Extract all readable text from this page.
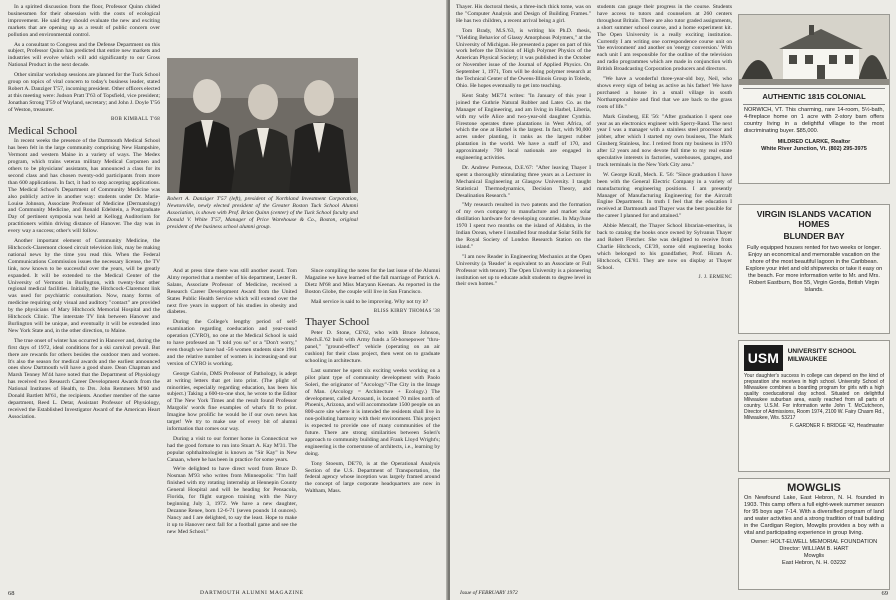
In a spirited discussion from the floor, Professor Quinn chided businessmen for their obsession with the costs of ecological improvement. He said they should evaluate the new and exciting markets that are opening up as a result of public concern over pollution and environmental control.

As a consultant to Congress and the Defense Department on this subject, Professor Quinn has predicted that entire new markets and industries will evolve which will add significantly to our Gross National Product in the next decade.

Other similar workshop sessions are planned for the Tuck School group on topics of vital concern to today's business leader, stated Robert A. Danziger T'57, incoming president. Other officers elected at this meeting were: Judson Pratt T'63 of Topsfield, vice president; Jonathan Strong T'59 of Wayland, secretary; and John J. Doyle T'56 of Weston, treasurer.

BOB KIMBALL T'68
Medical School

In recent weeks the presence of the Dartmouth Medical School has been felt in the large community comprising New Hampshire, Vermont and western Maine in a variety of ways. The Medex program, which trains veteran military Medical Corpsmen and others to be physicians' assistants, has announced a class for its second class and has chosen twenty-odd participants from more than 600 applications. In fact, it had to stop accepting applications. The Medical School's Department of Community Medicine was also publicly active in another way: students under Dr. Marie-Louise Johnson, Associate Professor of Medicine (Dermatology) and Community Medicine, and Ronald Edelstein, a Postgraduate Day of pertinent symposia was held at Kellogg Auditorium for practitioners within driving distance of Hanover. The day was in every way a success; other's will follow.

Another important element of Community Medicine, the Hitchcock-Claremont closed circuit television link, may be making national news by the time you read this. When the Federal Communications Commission issues the necessary license, the TV link, now known to be successful over the years, will be greatly expanded. It will be extended to the Medical Center of the University of Vermont in Burlington, with twenty-four other regional medical facilities. Initially, the Hitchcock-Claremont link was used for psychiatric consultation. Now, many forms of medicine requiring only visual and auditory "contact" are provided by the physicians of Mary Hitchcock Memorial Hospital and the Hitchcock Clinic. The interstate TV link between Hanover and Burlington will be unique, and eventually it will be extended into New York State and, in the other direction, to Maine.

The true onset of winter has occurred in Hanover and, during the first days of 1972, ideal conditions for a ski carnival prevail. But there are rewards for others besides the outdoor men and women. It's also the season for medical awards and the earliest announced ones show Dartmouth will have a good share. Dean Chapman and Marsh Tenney M'44 have noted that the Department of Physiology has received two Research Career Development Awards from the National Institutes of Health, to Drs. John Remmers M'60 and Donald Bartlett M'61, the recipients. Another member of the same department, Reed L. Detar, Assistant Professor of Physiology, received the Established Investigator Award of the American Heart Association.

Robert A. Danziger T'57 (left), president of Northland Investment Corporation, Newtonville, newly elected president of the Greater Boston Tuck School Alumni Association, is shown with Prof. Brian Quinn (center) of the Tuck School faculty and Donald V. White T'57, Manager of Price Warehouse & Co., Boston, original president of the business school alumni group.

And at press time there was still another award. Tom Almy reported that a member of his department, Lester R. Salans, Associate Professor of Medicine, received a Research Career Development Award from the United States Public Health Service which will extend over the next five years in support of his studies in obesity and diabetes.

During the College's lengthy period of self-examination regarding coeducation and year-round operation (CYRO), no one at the Medical School is said to have professed an "I told you so" or a "Don't worry," even though we have had -56 women students since 1961 and the relative number of women is increasing-and our version of CYRO is working.

George Galvin, DMS Professor of Pathology, is adept at writing letters that get into print. (The plight of minorities, especially regarding education, has been his subject.) Taking a 600-to-one shot, he wrote to the Editor of The New York Times and the result found Professor Margolis' words fine examples of what's fit to print. Imagine how prolific he would be if our own news has target! We try to make use of every bit of alumni information that comes our way.

During a visit to our former home in Connecticut we had the good fortune to run into Stuart A. Kay M'31. The popular ophthalmologist is known as "Sir Kay" in New Canaan, where he has been in practice for some years.

We're delighted to have direct word from Bruce D. Nosman M'93 who writes from Minneapolis: "I'm half finished with my rotating internship at Hennepin County General Hospital and will be heading for Pensacola, Florida, for flight surgeon training with the Navy beginning July 3, 1972. We have a new daughter, Dezanne Renee, born 12-6-71 (seven pounds 14 ounces). Nancy and I are delighted, to say the least. Hope to make it up to Hanover next fall for a football game and see the new Med School."

Since compiling the notes for the last issue of the Alumni Magazine we have learned of the fall marriage of Patrick A. Dietz M'68 and Miss Maryann Keenan. As reported in the Boston Globe, the couple will live in San Francisco.

Mail service is said to be improving. Why not try it?

BLISS KIRBY THOMAS '38
Thayer School

Peter D. Stone, CE'62, who with Bruce Johnson, Mech.E.'62 built with Army funds a 50-horsepower "thru-panel," "ground-effect" vehicle (operating on an air cushion) for their class project, then went on to graduate schooling in architecture.

Last summer he spent six exciting weeks working on a pilot plant type of community development with Paolo Soleri, the originator of "Arcology"-The City in the Image of Man. (Arcology = Architecture + Ecology.) The development, called Arcosanti, is located 70 miles north of Phoenix, Arizona, and will accommodate 1500 people on an 800-acre site where it is intended the residents shall live in non-polluting harmony with their environment. This project is expected to provide one of many communities of the future. There are strong similarities between Soleri's approach to community building and Frank Lloyd Wright's; engineering is the cornerstone of architects, i.e., learning by doing.

Tony Stoeum, DE'70, is at the Operational Analysis Section of the U.S. Department of Transportation, the federal agency whose inception was largely framed around the concept of large corporate headquarters are now in Waltham, Mass.

68	DARTMOUTH ALUMNI MAGAZINE

Thayer. His doctoral thesis, a three-inch thick tome, was on the "Computer Analysis and Design of Building Frames." He has two children, a recent arrival being a girl.

Tom Brady, M.S.'63, is writing his Ph.D. thesis, "Yielding Behavior of Glassy Amorphous Polymers," at the University of Michigan. He presented a paper on part of this work before the Division of High Polymer Physics of the American Physical Society; it was published in the October or November issue of the Journal of Applied Physics. On September 1, 1971, Tom will be doing polymer research at the Technical Center of the Owens-Illinois Group in Toledo, Ohio. He hopes eventually to get into teaching.

Kent Staby ME'74 writes: "In January of this year I joined the Guthrie Natural Rubber and Latex Co. as the Manager of Engineering, and am living in Harbel, Liberia, with my wife Alice and two-year-old daughter Cynthia. Firestone operates three plantations in West Africa, of which the one at Harbel is the largest. In fact, with 90,000 acres under planting, it ranks as the largest rubber plantation in the world. We have a staff of 170, and approximately 700 local nationals are engaged in engineering activities.

Dr. Andrew Porteous, D.E.'67: "After leaving Thayer I spent a thoroughly stimulating three years as a Lecturer in Mechanical Engineering at Glasgow University. I taught Statistical Thermodynamics, Decision Theory, and Desalination Research."

"My research resulted in two patents and the formation of my own company to manufacture and market solar distillation hardware for developing countries. In May/June 1970 I spent two months on the island of Aldabra, in the Indian Ocean, where I installed four modular Solar Stills for the Royal Society of London Research Station on the island."

"I am now Reader in Engineering Mechanics at the Open University (a 'Reader' is equivalent to an Associate or Full Professor with tenure). The Open University is a pioneering institution set up to educate adult students to degree level in their own homes."

students can gauge their progress in the course. Students have access to tutors and counselors at 260 centers throughout Britain. There are also tutor graded assignments, a short summer school course, and a home experiment kit. The Open University is a really exciting institution. Currently I am writing one correspondence course unit on 'the environment' and another on 'energy conversion.' With each unit I am responsible for the outline of the television and radio programmes which are made in conjunction with British Broadcasting Corporation producers and directors.

"We have a wonderful three-year-old boy, Neil, who shows every sign of being as active as his father! We have purchased a house in a small village in south Northamptonshire and find that we are back to the grass roots of life."

Mark Ginsberg, EE '56: "After graduation I spent one year as an electronics engineer with Sperry-Rand. The next year I was a manager with a stainless steel processor and jobber, after which I started my own business, The Mark Ginsberg Stainless, Inc. I retired from my business in 1970 after 12 years and now devote full time to my real estate speculative interests in factories, warehouses, garages, and truck terminals in the New York City area."

W. George Krall, Mech. E. '56: "Since graduation I have been with the General Electric Company in a variety of manufacturing engineering positions. I am presently Manager of Manufacturing Engineering for the Aircraft Engine Department. In truth I feel that the education I received at Dartmouth and Thayer was the best possible for the career I planned for and attained."

Abbie Metcalf, the Thayer School librarian-emeritus, is back to catalog the books once owned by Sylvanus Thayer and Robert Fletcher. She was delighted to receive from Charlie Hitchcock, CE'39, some old engineering books which belonged to his grandfather, Prof. Hiram A. Hitchcock, CE'81. They are now on display at Thayer School.

J. J. ERMENC
AUTHENTIC 1815 COLONIAL
NORWICH, VT. This charming, rare 14-room, 5½-bath, 4-fireplace home on 1 acre with 2-story barn offers country living in a delightful village to the most discriminating buyer. $85,000.
MILDRED CLARKE, Realtor
White River Junction, Vt. (802) 295-3975
VIRGIN ISLANDS VACATION HOMES
BLUNDER BAY
Fully equipped houses rented for two weeks or longer. Enjoy an economical and memorable vacation on the shore of the most beautiful lagoon in the Caribbean. Explore your inlet and old shipwrecks or take it easy on the beach. For more information write to Mr. and Mrs. Robert Eastburn, Box 55, Virgin Gorda, British Virgin Islands.
USM	UNIVERSITY SCHOOL MILWAUKEE
Your daughter's success in college can depend on the kind of preparation she receives in high school. University School of Milwaukee combines a boarding program for girls with a high quality coeducational day school. Situated on delightful Milwaukee suburban area, easily reached from all parts of country. U.S.M. For information write John T. McCutcheon, Director of Admissions, Room 1974, 2100 W. Fairy Chasm Rd., Milwaukee, Wis. 53217
F. GARDNER F. BRIDGE '42, Headmaster
MOWGLIS
On Newfound Lake, East Hebron, N. H. founded in 1903. This camp offers a full eight-week summer season for 95 boys age 7-14. With a diversified program of land and water activities and a strong tradition of trail building in the Cardigan Region, Mowglis provides a boy with a vital and participating experience in group living.
Owner: HOLT-ELWELL MEMORIAL FOUNDATION
Director: WILLIAM B. HART
Mowglis
East Hebron, N. H. 03232
Issue of FEBRUARY 1972	69
